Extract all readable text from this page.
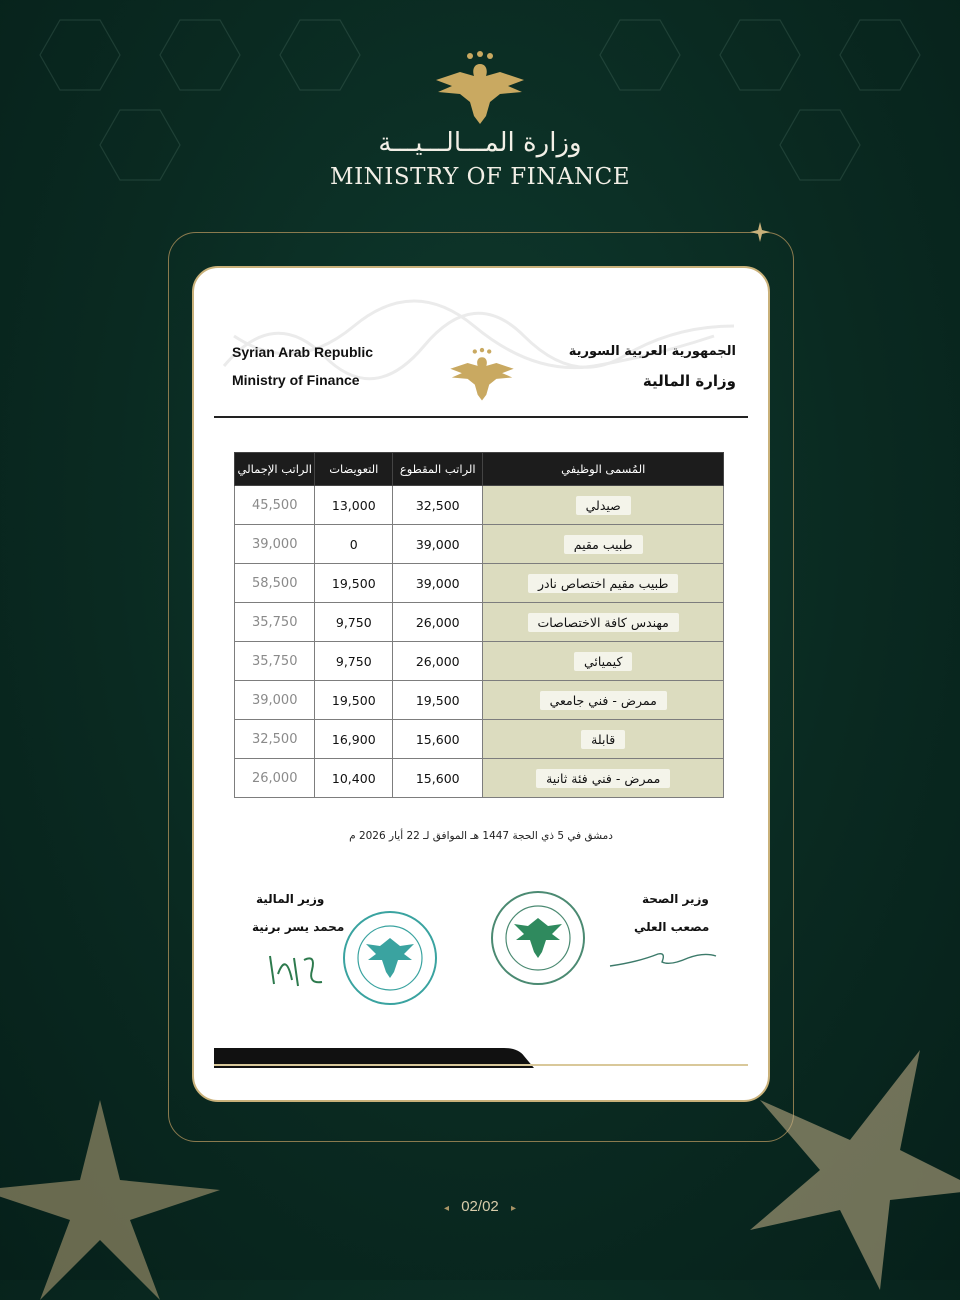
وزارة المـــالـــيـــة
MINISTRY OF FINANCE
Syrian Arab Republic
Ministry of Finance
الجمهورية العربية السورية
وزارة المالية
الراتب الإجمالي	التعويضات	الراتب المقطوع	المُسمى الوظيفي
45,500	13,000	32,500	صيدلي
39,000	0	39,000	طبيب مقيم
58,500	19,500	39,000	طبيب مقيم اختصاص نادر
35,750	9,750	26,000	مهندس كافة الاختصاصات
35,750	9,750	26,000	كيميائي
39,000	19,500	19,500	ممرض - فني جامعي
32,500	16,900	15,600	قابلة
26,000	10,400	15,600	ممرض - فني فئة ثانية
دمشق في 5 ذي الحجة 1447 هـ الموافق لـ 22 أيار 2026 م
وزير المالية
محمد يسر برنية
وزير الصحة
مصعب العلي
◂ 02/02 ▸
